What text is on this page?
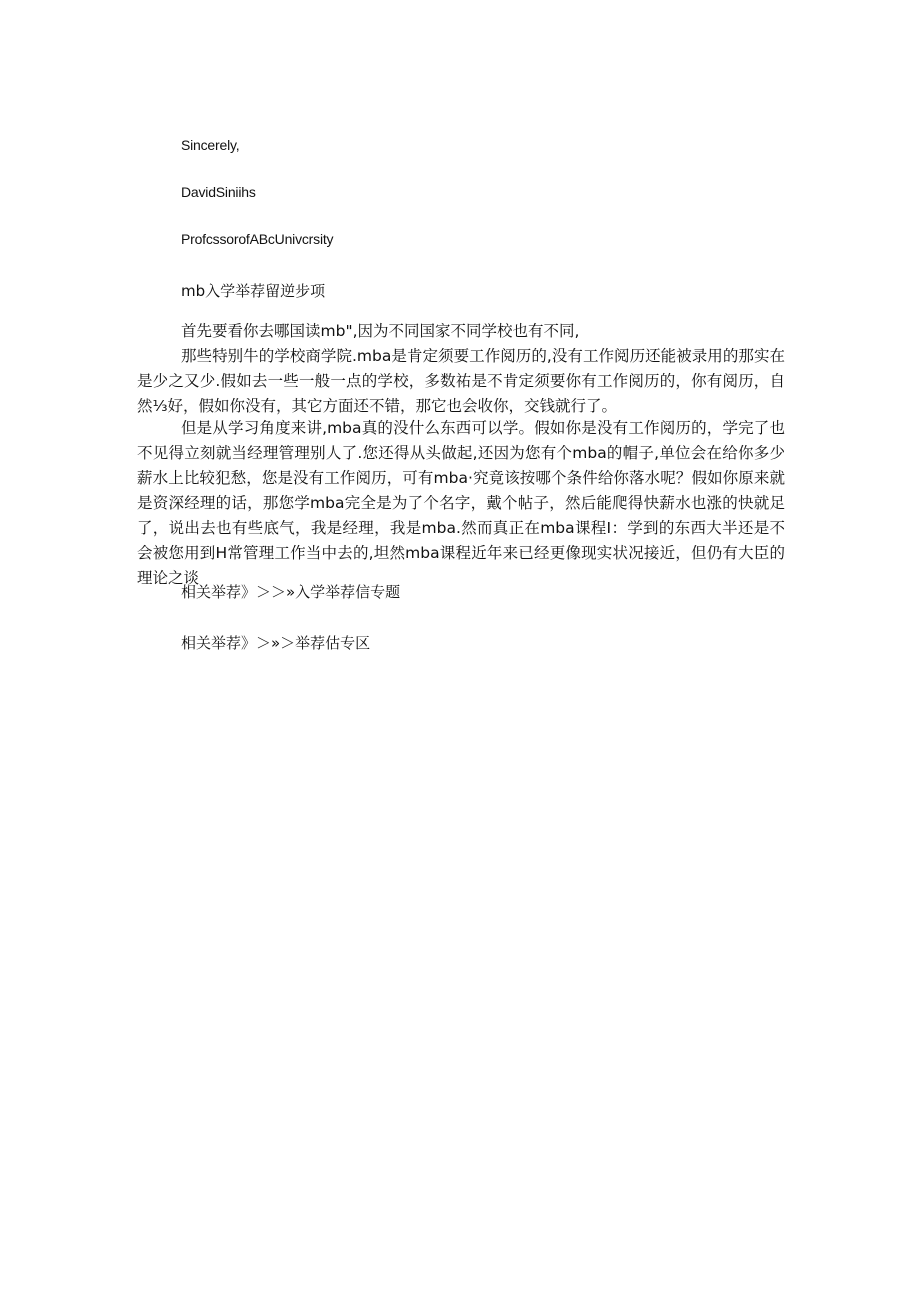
Sincerely,
DavidSiniihs
ProfcssorofABcUnivcrsity
mb入学举荐留逆步项

首先要看你去哪国读mb",因为不同国家不同学校也有不同,

那些特别牛的学校商学院.mba是肯定须要工作阅历的,没有工作阅历还能被录用的那实在是少之又少.假如去一些一般一点的学校，多数祐是不肯定须要你有工作阅历的，你有阅历，自然⅓好，假如你没有，其它方面还不错，那它也会收你，交钱就行了。

但是从学习角度来讲,mba真的没什么东西可以学。假如你是没有工作阅历的，学完了也不见得立刻就当经理管理别人了.您还得从头做起,还因为您有个mba的帽子,单位会在给你多少薪水上比较犯愁，您是没有工作阅历，可有mba·究竟该按哪个条件给你落水呢？假如你原来就是资深经理的话，那您学mba完全是为了个名字，戴个帖子，然后能爬得快薪水也涨的快就足了，说出去也有些底气，我是经理，我是mba.然而真正在mba课程I：学到的东西大半还是不会被您用到H常管理工作当中去的,坦然mba课程近年来已经更像现实状况接近，但仍有大臣的理论之谈

相关举荐》＞＞»入学举荐信专题
相关举荐》＞»＞举荐估专区
